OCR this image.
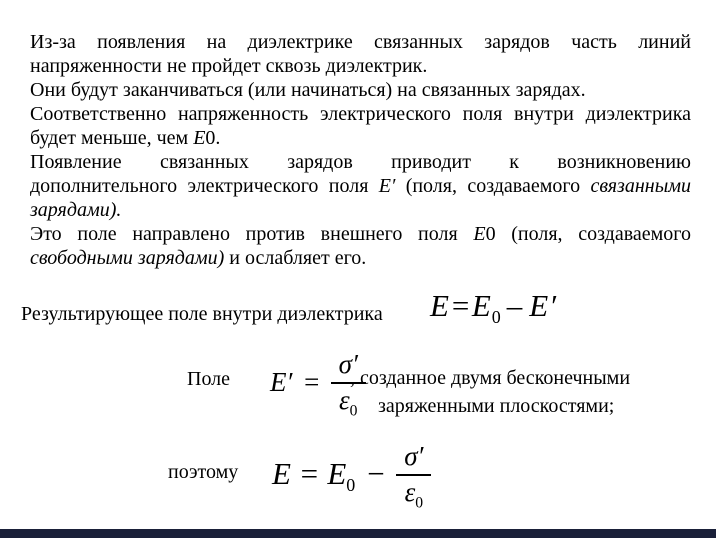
Из-за появления на диэлектрике связанных зарядов часть линий
напряженности не пройдет сквозь диэлектрик.
Они будут заканчиваться (или начинаться) на связанных зарядах.
Соответственно напряженность электрического поля внутри диэлектрика
будет меньше, чем E0.
Появление связанных зарядов приводит к возникновению
дополнительного электрического поля E′ (поля, создаваемого связанными
зарядами).
Это поле направлено против внешнего поля E0 (поля, создаваемого
свободными зарядами) и ослабляет его.
Результирующее поле внутри диэлектрика $E=E_0 - E'$
Поле $E' = \frac{\sigma'}{\varepsilon_0}$
, созданное двумя бесконечными
заряженными плоскостями;
поэтому $E = E_0 - \frac{\sigma'}{\varepsilon_0}$
